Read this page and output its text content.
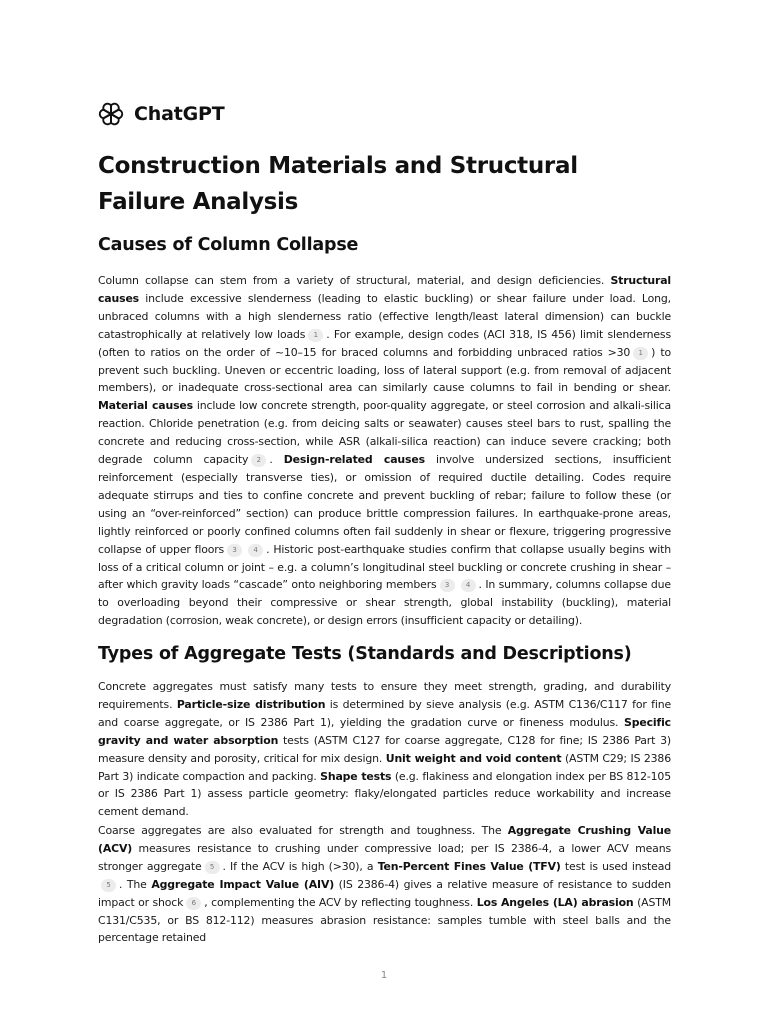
ChatGPT
Construction Materials and Structural Failure Analysis
Causes of Column Collapse

Column collapse can stem from a variety of structural, material, and design deficiencies. Structural causes include excessive slenderness (leading to elastic buckling) or shear failure under load. Long, unbraced columns with a high slenderness ratio (effective length/least lateral dimension) can buckle catastrophically at relatively low loads 1 . For example, design codes (ACI 318, IS 456) limit slenderness (often to ratios on the order of ~10–15 for braced columns and forbidding unbraced ratios >30 1 ) to prevent such buckling. Uneven or eccentric loading, loss of lateral support (e.g. from removal of adjacent members), or inadequate cross-sectional area can similarly cause columns to fail in bending or shear. Material causes include low concrete strength, poor-quality aggregate, or steel corrosion and alkali-silica reaction. Chloride penetration (e.g. from deicing salts or seawater) causes steel bars to rust, spalling the concrete and reducing cross-section, while ASR (alkali-silica reaction) can induce severe cracking; both degrade column capacity 2 . Design-related causes involve undersized sections, insufficient reinforcement (especially transverse ties), or omission of required ductile detailing. Codes require adequate stirrups and ties to confine concrete and prevent buckling of rebar; failure to follow these (or using an “over-reinforced” section) can produce brittle compression failures. In earthquake-prone areas, lightly reinforced or poorly confined columns often fail suddenly in shear or flexure, triggering progressive collapse of upper floors 3 4 . Historic post-earthquake studies confirm that collapse usually begins with loss of a critical column or joint – e.g. a column’s longitudinal steel buckling or concrete crushing in shear – after which gravity loads “cascade” onto neighboring members 3 4 . In summary, columns collapse due to overloading beyond their compressive or shear strength, global instability (buckling), material degradation (corrosion, weak concrete), or design errors (insufficient capacity or detailing).

Types of Aggregate Tests (Standards and Descriptions)

Concrete aggregates must satisfy many tests to ensure they meet strength, grading, and durability requirements. Particle-size distribution is determined by sieve analysis (e.g. ASTM C136/C117 for fine and coarse aggregate, or IS 2386 Part 1), yielding the gradation curve or fineness modulus. Specific gravity and water absorption tests (ASTM C127 for coarse aggregate, C128 for fine; IS 2386 Part 3) measure density and porosity, critical for mix design. Unit weight and void content (ASTM C29; IS 2386 Part 3) indicate compaction and packing. Shape tests (e.g. flakiness and elongation index per BS 812-105 or IS 2386 Part 1) assess particle geometry: flaky/elongated particles reduce workability and increase cement demand.

Coarse aggregates are also evaluated for strength and toughness. The Aggregate Crushing Value (ACV) measures resistance to crushing under compressive load; per IS 2386-4, a lower ACV means stronger aggregate 5 . If the ACV is high (>30), a Ten-Percent Fines Value (TFV) test is used instead5 . The Aggregate Impact Value (AIV) (IS 2386-4) gives a relative measure of resistance to sudden impact or shock 6 , complementing the ACV by reflecting toughness. Los Angeles (LA) abrasion (ASTM C131/C535, or BS 812-112) measures abrasion resistance: samples tumble with steel balls and the percentage retained

1
